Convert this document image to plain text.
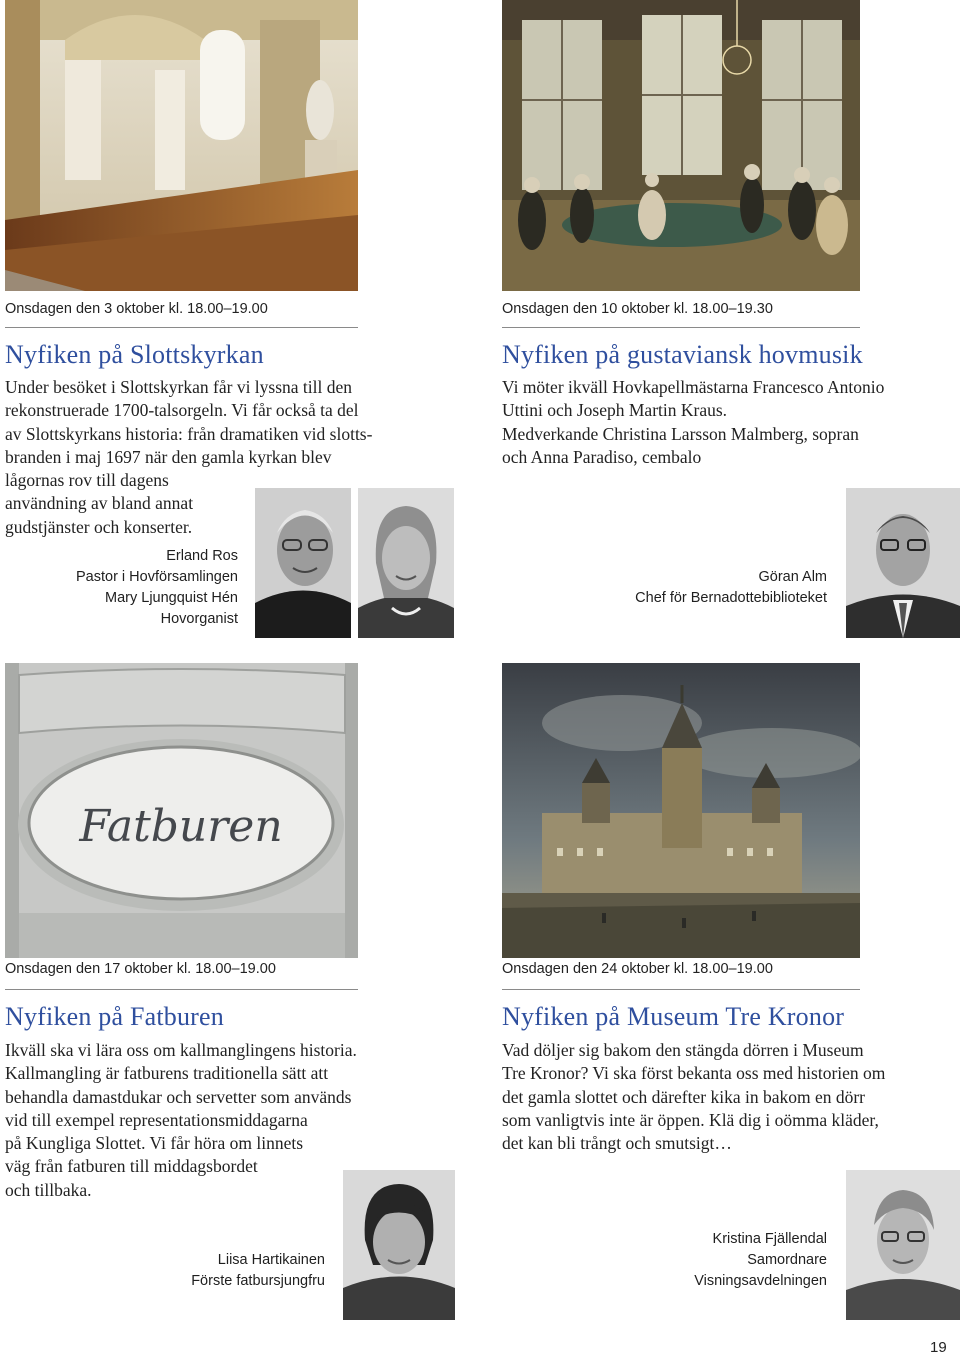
Onsdagen den 3 oktober kl. 18.00–19.00
Nyfiken på Slottskyrkan
Under besöket i Slottskyrkan får vi lyssna till den
rekonstruerade 1700-talsorgeln. Vi får också ta del
av Slottskyrkans historia: från dramatiken vid slotts-
branden i maj 1697 när den gamla kyrkan blev
lågornas rov till dagens
användning av bland annat
gudstjänster och konserter.
Erland Ros
Pastor i Hovförsamlingen
Mary Ljungquist Hén
Hovorganist
Onsdagen den 10 oktober kl. 18.00–19.30
Nyfiken på gustaviansk hovmusik
Vi möter ikväll Hovkapellmästarna Francesco Antonio
Uttini och Joseph Martin Kraus.
Medverkande Christina Larsson Malmberg, sopran
och Anna Paradiso, cembalo
Göran Alm
Chef för Bernadottebiblioteket
Fatburen
Onsdagen den 17 oktober kl. 18.00–19.00
Nyfiken på Fatburen
Ikväll ska vi lära oss om kallmanglingens historia.
Kallmangling är fatburens traditionella sätt att
behandla damastdukar och servetter som används
vid till exempel representationsmiddagarna
på Kungliga Slottet. Vi får höra om linnets
väg från fatburen till middagsbordet
och tillbaka.
Liisa Hartikainen
Förste fatbursjungfru
Onsdagen den 24 oktober kl. 18.00–19.00
Nyfiken på Museum Tre Kronor
Vad döljer sig bakom den stängda dörren i Museum
Tre Kronor? Vi ska först bekanta oss med historien om
det gamla slottet och därefter kika in bakom en dörr
som vanligtvis inte är öppen. Klä dig i oömma kläder,
det kan bli trångt och smutsigt…
Kristina Fjällendal
Samordnare
Visningsavdelningen
19
